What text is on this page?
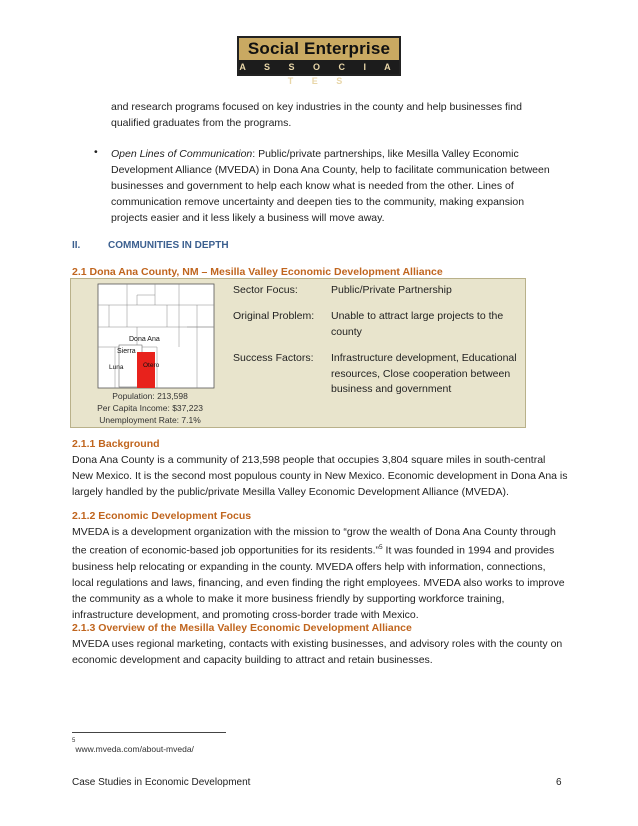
Social Enterprise
A S S O C I A T E S
and research programs focused on key industries in the county and help businesses find qualified graduates from the programs.
• Open Lines of Communication: Public/private partnerships, like Mesilla Valley Economic Development Alliance (MVEDA) in Dona Ana County, help to facilitate communication between businesses and government to help each know what is needed from the other. Lines of communication remove uncertainty and deepen ties to the community, making expansion projects easier and it less likely a business will move away.
II.	COMMUNITIES IN DEPTH
2.1 Dona Ana County, NM – Mesilla Valley Economic Development Alliance
Dona Ana
Sierra
Luna	Otero
Population: 213,598
Per Capita Income: $37,223
Unemployment Rate: 7.1%
Sector Focus:	Public/Private Partnership
Original Problem:	Unable to attract large projects to the county
Success Factors:	Infrastructure development, Educational resources, Close cooperation between business and government
2.1.1 Background
Dona Ana County is a community of 213,598 people that occupies 3,804 square miles in south-central New Mexico. It is the second most populous county in New Mexico. Economic development in Dona Ana is largely handled by the public/private Mesilla Valley Economic Development Alliance (MVEDA).
2.1.2 Economic Development Focus
MVEDA is a development organization with the mission to “grow the wealth of Dona Ana County through the creation of economic-based job opportunities for its residents.”$^5$ It was founded in 1994 and provides business help relocating or expanding in the county. MVEDA offers help with information, connections, local regulations and laws, financing, and even finding the right employees. MVEDA also works to improve the community as a whole to make it more business friendly by supporting workforce training, infrastructure development, and promoting cross-border trade with Mexico.
2.1.3 Overview of the Mesilla Valley Economic Development Alliance
MVEDA uses regional marketing, contacts with existing businesses, and advisory roles with the county on economic development and capacity building to attract and retain businesses.
$^5$www.mveda.com/about-mveda/
Case Studies in Economic Development	6
